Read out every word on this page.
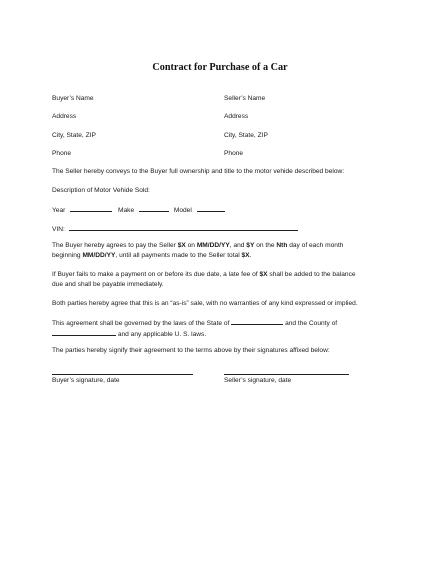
Contract for Purchase of a Car
Buyer’s Name	Seller’s Name
Address	Address
City, State, ZIP	City, State, ZIP
Phone	Phone
The Seller hereby conveys to the Buyer full ownership and title to the motor vehide described below:
Description of Motor Vehide Sold:
Year	Make	Model
VIN:
The Buyer hereby agrees to pay the Seller $X on MM/DD/YY, and $Y on the Nth day of each month
beginning MM/DD/YY, until all payments made to the Seller total $X.
If Buyer fails to make a payment on or before its due date, a late fee of $X shall be added to the balance
due and shall be payable immediately.
Both parties hereby agree that this is an “as-is” sale, with no warranties of any kind expressed or implied.
This agreement shall be governed by the laws of the State of	and the County of
and any applicable U. S. laws.
The parties hereby signify their agreement to the terms above by their signatures affixed below:
Buyer’s signature, date	Seller’s signature, date
